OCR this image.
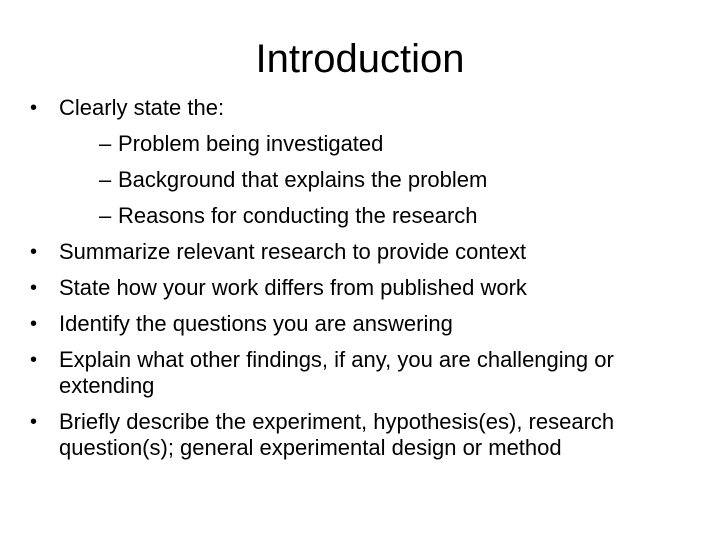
Introduction
• Clearly state the:
– Problem being investigated
– Background that explains the problem
– Reasons for conducting the research
• Summarize relevant research to provide context
• State how your work differs from published work
• Identify the questions you are answering
• Explain what other findings, if any, you are challenging or extending
• Briefly describe the experiment, hypothesis(es), research question(s); general experimental design or method
